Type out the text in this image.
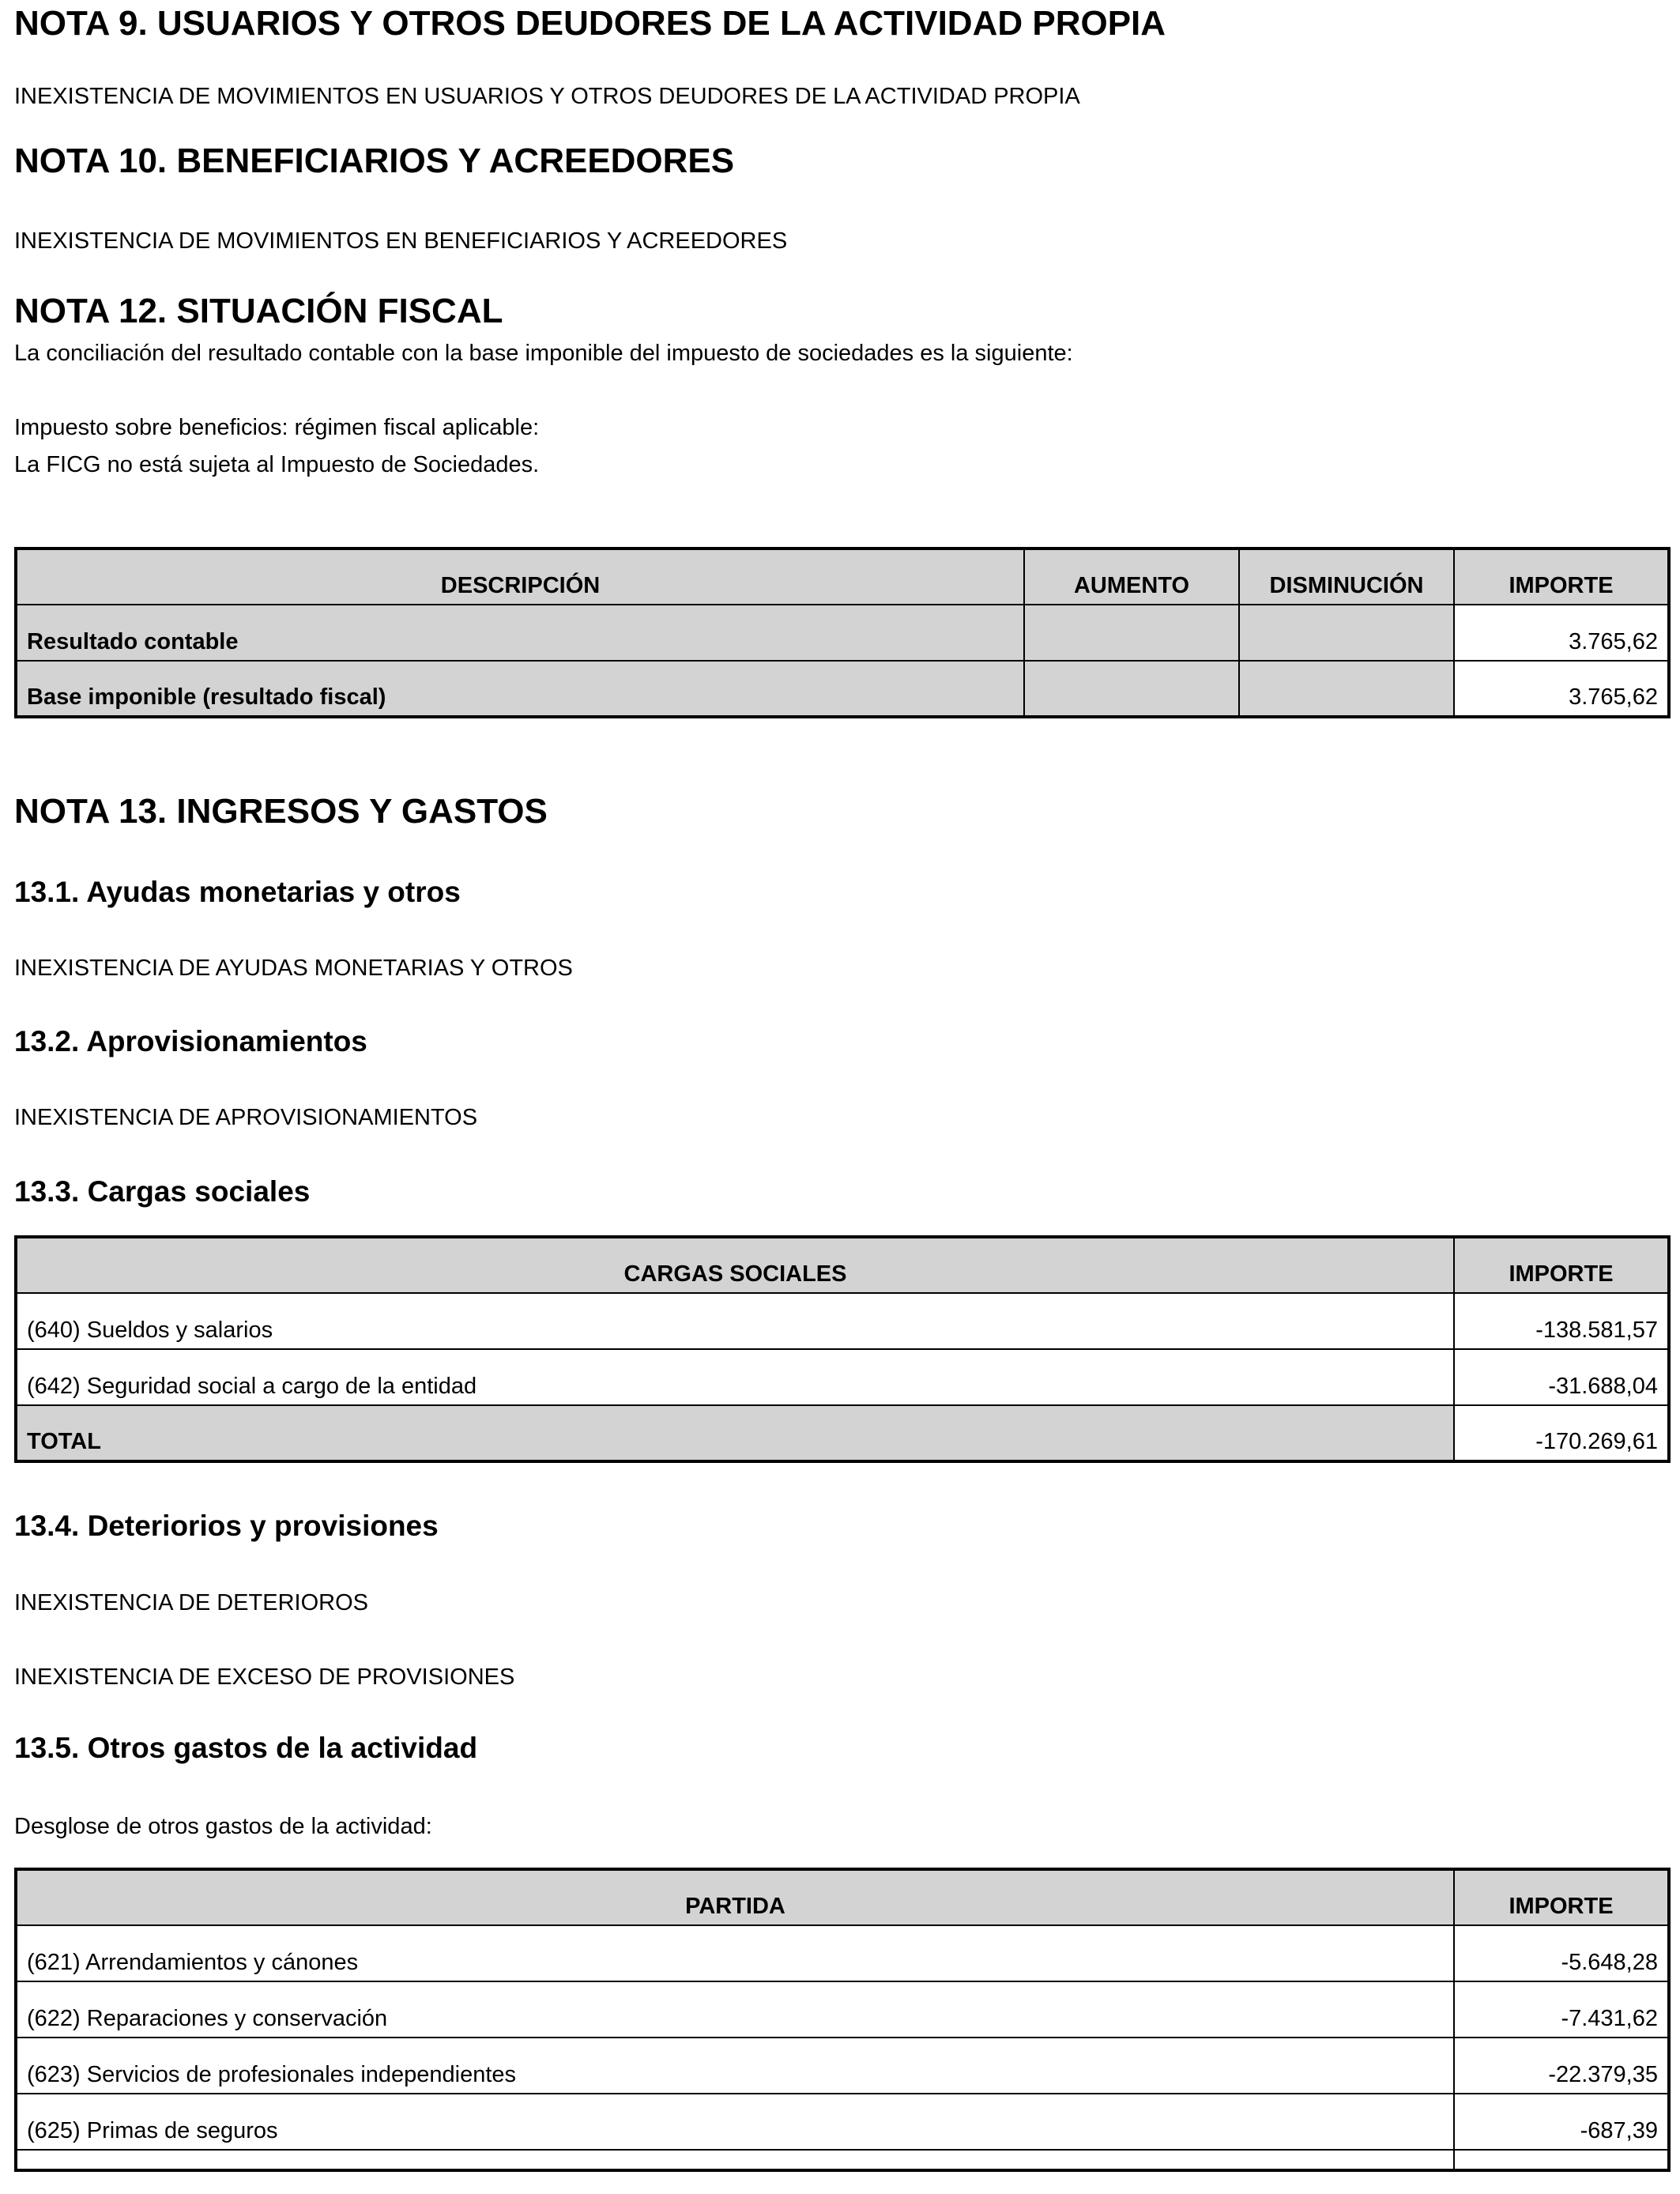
NOTA 9. USUARIOS Y OTROS DEUDORES DE LA ACTIVIDAD PROPIA
INEXISTENCIA DE MOVIMIENTOS EN USUARIOS Y OTROS DEUDORES DE LA ACTIVIDAD PROPIA
NOTA 10. BENEFICIARIOS Y ACREEDORES
INEXISTENCIA DE MOVIMIENTOS EN BENEFICIARIOS Y ACREEDORES
NOTA 12. SITUACIÓN FISCAL
La conciliación del resultado contable con la base imponible del impuesto de sociedades es la siguiente:
Impuesto sobre beneficios: régimen fiscal aplicable:
La FICG no está sujeta al Impuesto de Sociedades.
DESCRIPCIÓN	AUMENTO	DISMINUCIÓN	IMPORTE
Resultado contable			3.765,62
Base imponible (resultado fiscal)			3.765,62
NOTA 13. INGRESOS Y GASTOS
13.1. Ayudas monetarias y otros
INEXISTENCIA DE AYUDAS MONETARIAS Y OTROS
13.2. Aprovisionamientos
INEXISTENCIA DE APROVISIONAMIENTOS
13.3. Cargas sociales
CARGAS SOCIALES	IMPORTE
(640) Sueldos y salarios	-138.581,57
(642) Seguridad social a cargo de la entidad	-31.688,04
TOTAL	-170.269,61
13.4. Deteriorios y provisiones
INEXISTENCIA DE DETERIOROS
INEXISTENCIA DE EXCESO DE PROVISIONES
13.5. Otros gastos de la actividad
Desglose de otros gastos de la actividad:
PARTIDA	IMPORTE
(621) Arrendamientos y cánones	-5.648,28
(622) Reparaciones y conservación	-7.431,62
(623) Servicios de profesionales independientes	-22.379,35
(625) Primas de seguros	-687,39
